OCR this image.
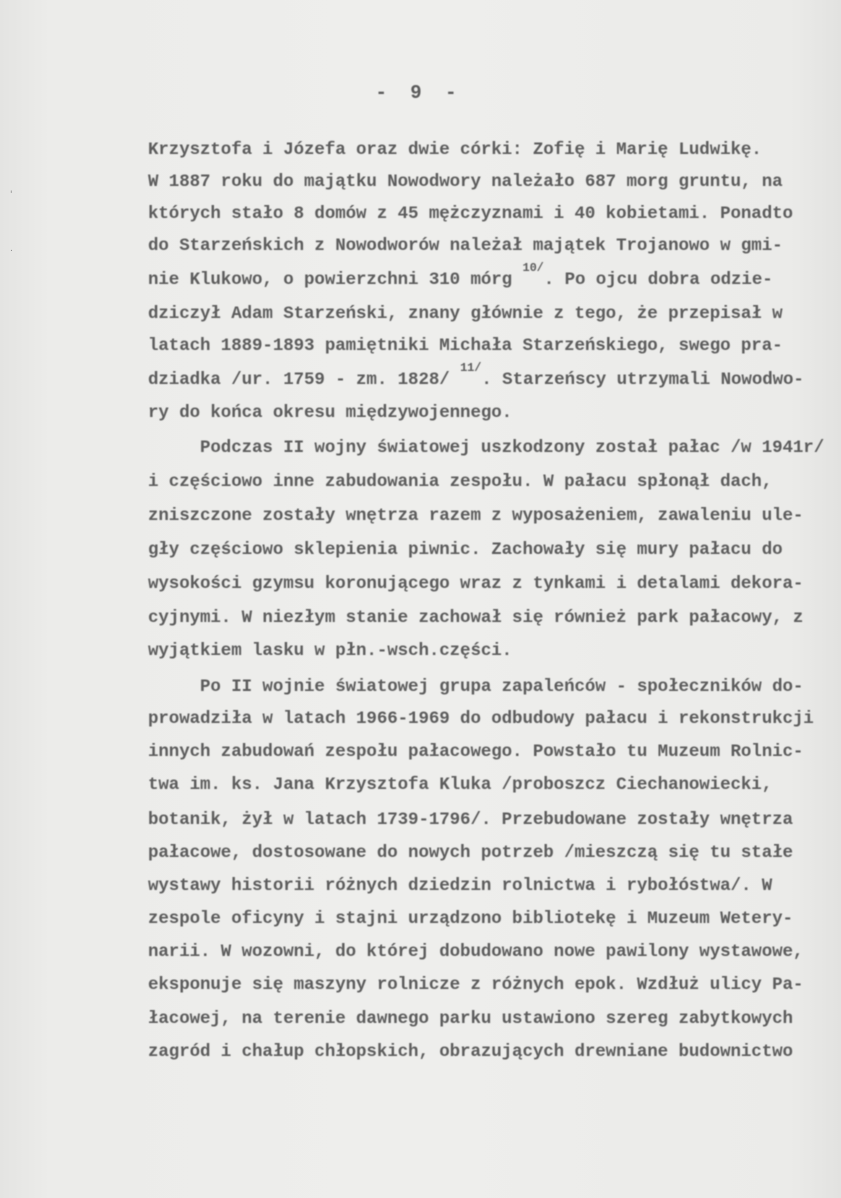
- 9 -
Krzysztofa i Józefa oraz dwie córki: Zofię i Marię Ludwikę.
W 1887 roku do majątku Nowodwory należało 687 morg gruntu, na
których stało 8 domów z 45 mężczyznami i 40 kobietami. Ponadto
do Starzeńskich z Nowodworów należał majątek Trojanowo w gmi-
nie Klukowo, o powierzchni 310 mórg $^{10/}$. Po ojcu dobra odzie-
dziczył Adam Starzeński, znany głównie z tego, że przepisał w
latach 1889-1893 pamiętniki Michała Starzeńskiego, swego pra-
dziadka /ur. 1759 - zm. 1828/ $^{11/}$. Starzeńscy utrzymali Nowodwo-
ry do końca okresu międzywojennego.
Podczas II wojny światowej uszkodzony został pałac /w 1941r/
i częściowo inne zabudowania zespołu. W pałacu spłonął dach,
zniszczone zostały wnętrza razem z wyposażeniem, zawaleniu ule-
gły częściowo sklepienia piwnic. Zachowały się mury pałacu do
wysokości gzymsu koronującego wraz z tynkami i detalami dekora-
cyjnymi. W niezłym stanie zachował się również park pałacowy, z
wyjątkiem lasku w płn.-wsch.części.
Po II wojnie światowej grupa zapaleńców - społeczników do-
prowadziła w latach 1966-1969 do odbudowy pałacu i rekonstrukcji
innych zabudowań zespołu pałacowego. Powstało tu Muzeum Rolnic-
twa im. ks. Jana Krzysztofa Kluka /proboszcz Ciechanowiecki,
botanik, żył w latach 1739-1796/. Przebudowane zostały wnętrza
pałacowe, dostosowane do nowych potrzeb /mieszczą się tu stałe
wystawy historii różnych dziedzin rolnictwa i rybołóstwa/. W
zespole oficyny i stajni urządzono bibliotekę i Muzeum Wetery-
narii. W wozowni, do której dobudowano nowe pawilony wystawowe,
eksponuje się maszyny rolnicze z różnych epok. Wzdłuż ulicy Pa-
łacowej, na terenie dawnego parku ustawiono szereg zabytkowych
zagród i chałup chłopskich, obrazujących drewniane budownictwo
'
.
